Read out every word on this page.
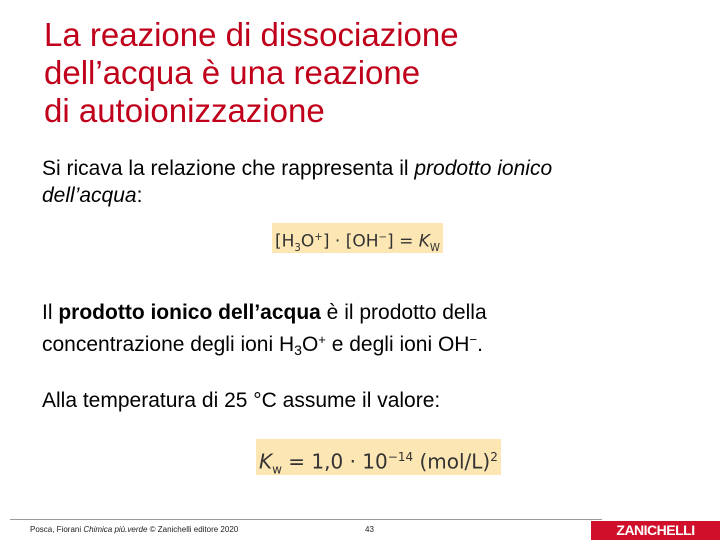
La reazione di dissociazione
dell’acqua è una reazione
di autoionizzazione
Si ricava la relazione che rappresenta il prodotto ionico
dell’acqua:
$[H_3O^+] \cdot [OH^-] = K_W$
Il prodotto ionico dell’acqua è il prodotto della
concentrazione degli ioni $H_3O^+$ e degli ioni OH−.
Alla temperatura di 25 °C assume il valore:
$K_w = 1,0 \cdot 10^{-14}$ $(mol/L)^2$
Posca, Fiorani Chimica più.verde © Zanichelli editore 2020	43	ZANICHELLI
